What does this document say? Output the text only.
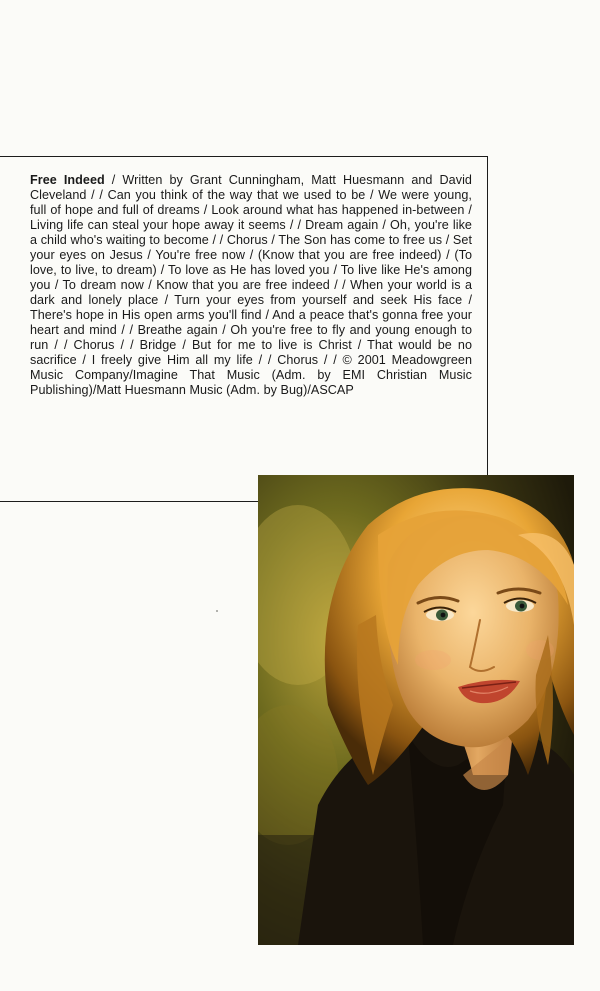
Free Indeed / Written by Grant Cunningham, Matt Huesmann and David Cleveland / / Can you think of the way that we used to be / We were young, full of hope and full of dreams / Look around what has happened in-between / Living life can steal your hope away it seems / / Dream again / Oh, you're like a child who's waiting to become / / Chorus / The Son has come to free us / Set your eyes on Jesus / You're free now / (Know that you are free indeed) / (To love, to live, to dream) / To love as He has loved you / To live like He's among you / To dream now / Know that you are free indeed / / When your world is a dark and lonely place / Turn your eyes from yourself and seek His face / There's hope in His open arms you'll find / And a peace that's gonna free your heart and mind / / Breathe again / Oh you're free to fly and young enough to run / / Chorus / / Bridge / But for me to live is Christ / That would be no sacrifice / I freely give Him all my life / / Chorus / / © 2001 Meadowgreen Music Company/Imagine That Music (Adm. by EMI Christian Music Publishing)/Matt Huesmann Music (Adm. by Bug)/ASCAP
